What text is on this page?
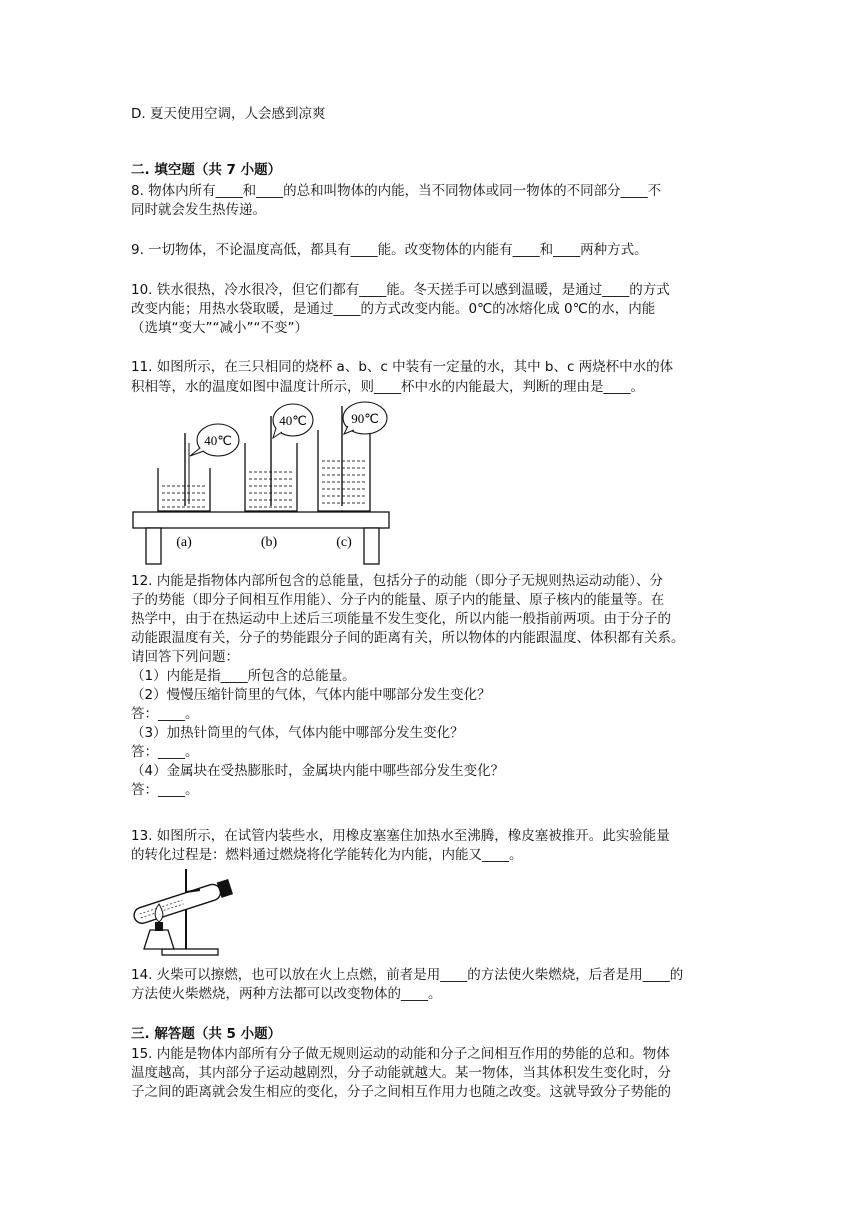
D. 夏天使用空调，人会感到凉爽
二. 填空题（共 7 小题）
8. 物体内所有____和____的总和叫物体的内能，当不同物体或同一物体的不同部分____不
同时就会发生热传递。
9. 一切物体，不论温度高低，都具有____能。改变物体的内能有____和____两种方式。
10. 铁水很热，冷水很冷，但它们都有____能。冬天搓手可以感到温暖，是通过____的方式
改变内能；用热水袋取暖，是通过____的方式改变内能。0℃的冰熔化成 0℃的水，内能
（选填“变大”“减小”“不变”）
11. 如图所示，在三只相同的烧杯 a、b、c 中装有一定量的水，其中 b、c 两烧杯中水的体
积相等，水的温度如图中温度计所示，则____杯中水的内能最大，判断的理由是____。
40℃
40℃	90℃
(a)	(b)	(c)
12. 内能是指物体内部所包含的总能量，包括分子的动能（即分子无规则热运动动能）、分
子的势能（即分子间相互作用能）、分子内的能量、原子内的能量、原子核内的能量等。在
热学中，由于在热运动中上述后三项能量不发生变化，所以内能一般指前两项。由于分子的
动能跟温度有关，分子的势能跟分子间的距离有关，所以物体的内能跟温度、体积都有关系。
请回答下列问题：
（1）内能是指____所包含的总能量。
（2）慢慢压缩针筒里的气体，气体内能中哪部分发生变化？
答：____。
（3）加热针筒里的气体，气体内能中哪部分发生变化？
答：____。
（4）金属块在受热膨胀时，金属块内能中哪些部分发生变化？
答：____。
13. 如图所示，在试管内装些水，用橡皮塞塞住加热水至沸腾，橡皮塞被推开。此实验能量
的转化过程是：燃料通过燃烧将化学能转化为内能，内能又____。
14. 火柴可以擦燃，也可以放在火上点燃，前者是用____的方法使火柴燃烧，后者是用____的
方法使火柴燃烧，两种方法都可以改变物体的____。
三. 解答题（共 5 小题）
15. 内能是物体内部所有分子做无规则运动的动能和分子之间相互作用的势能的总和。物体
温度越高，其内部分子运动越剧烈，分子动能就越大。某一物体，当其体积发生变化时，分
子之间的距离就会发生相应的变化，分子之间相互作用力也随之改变。这就导致分子势能的
